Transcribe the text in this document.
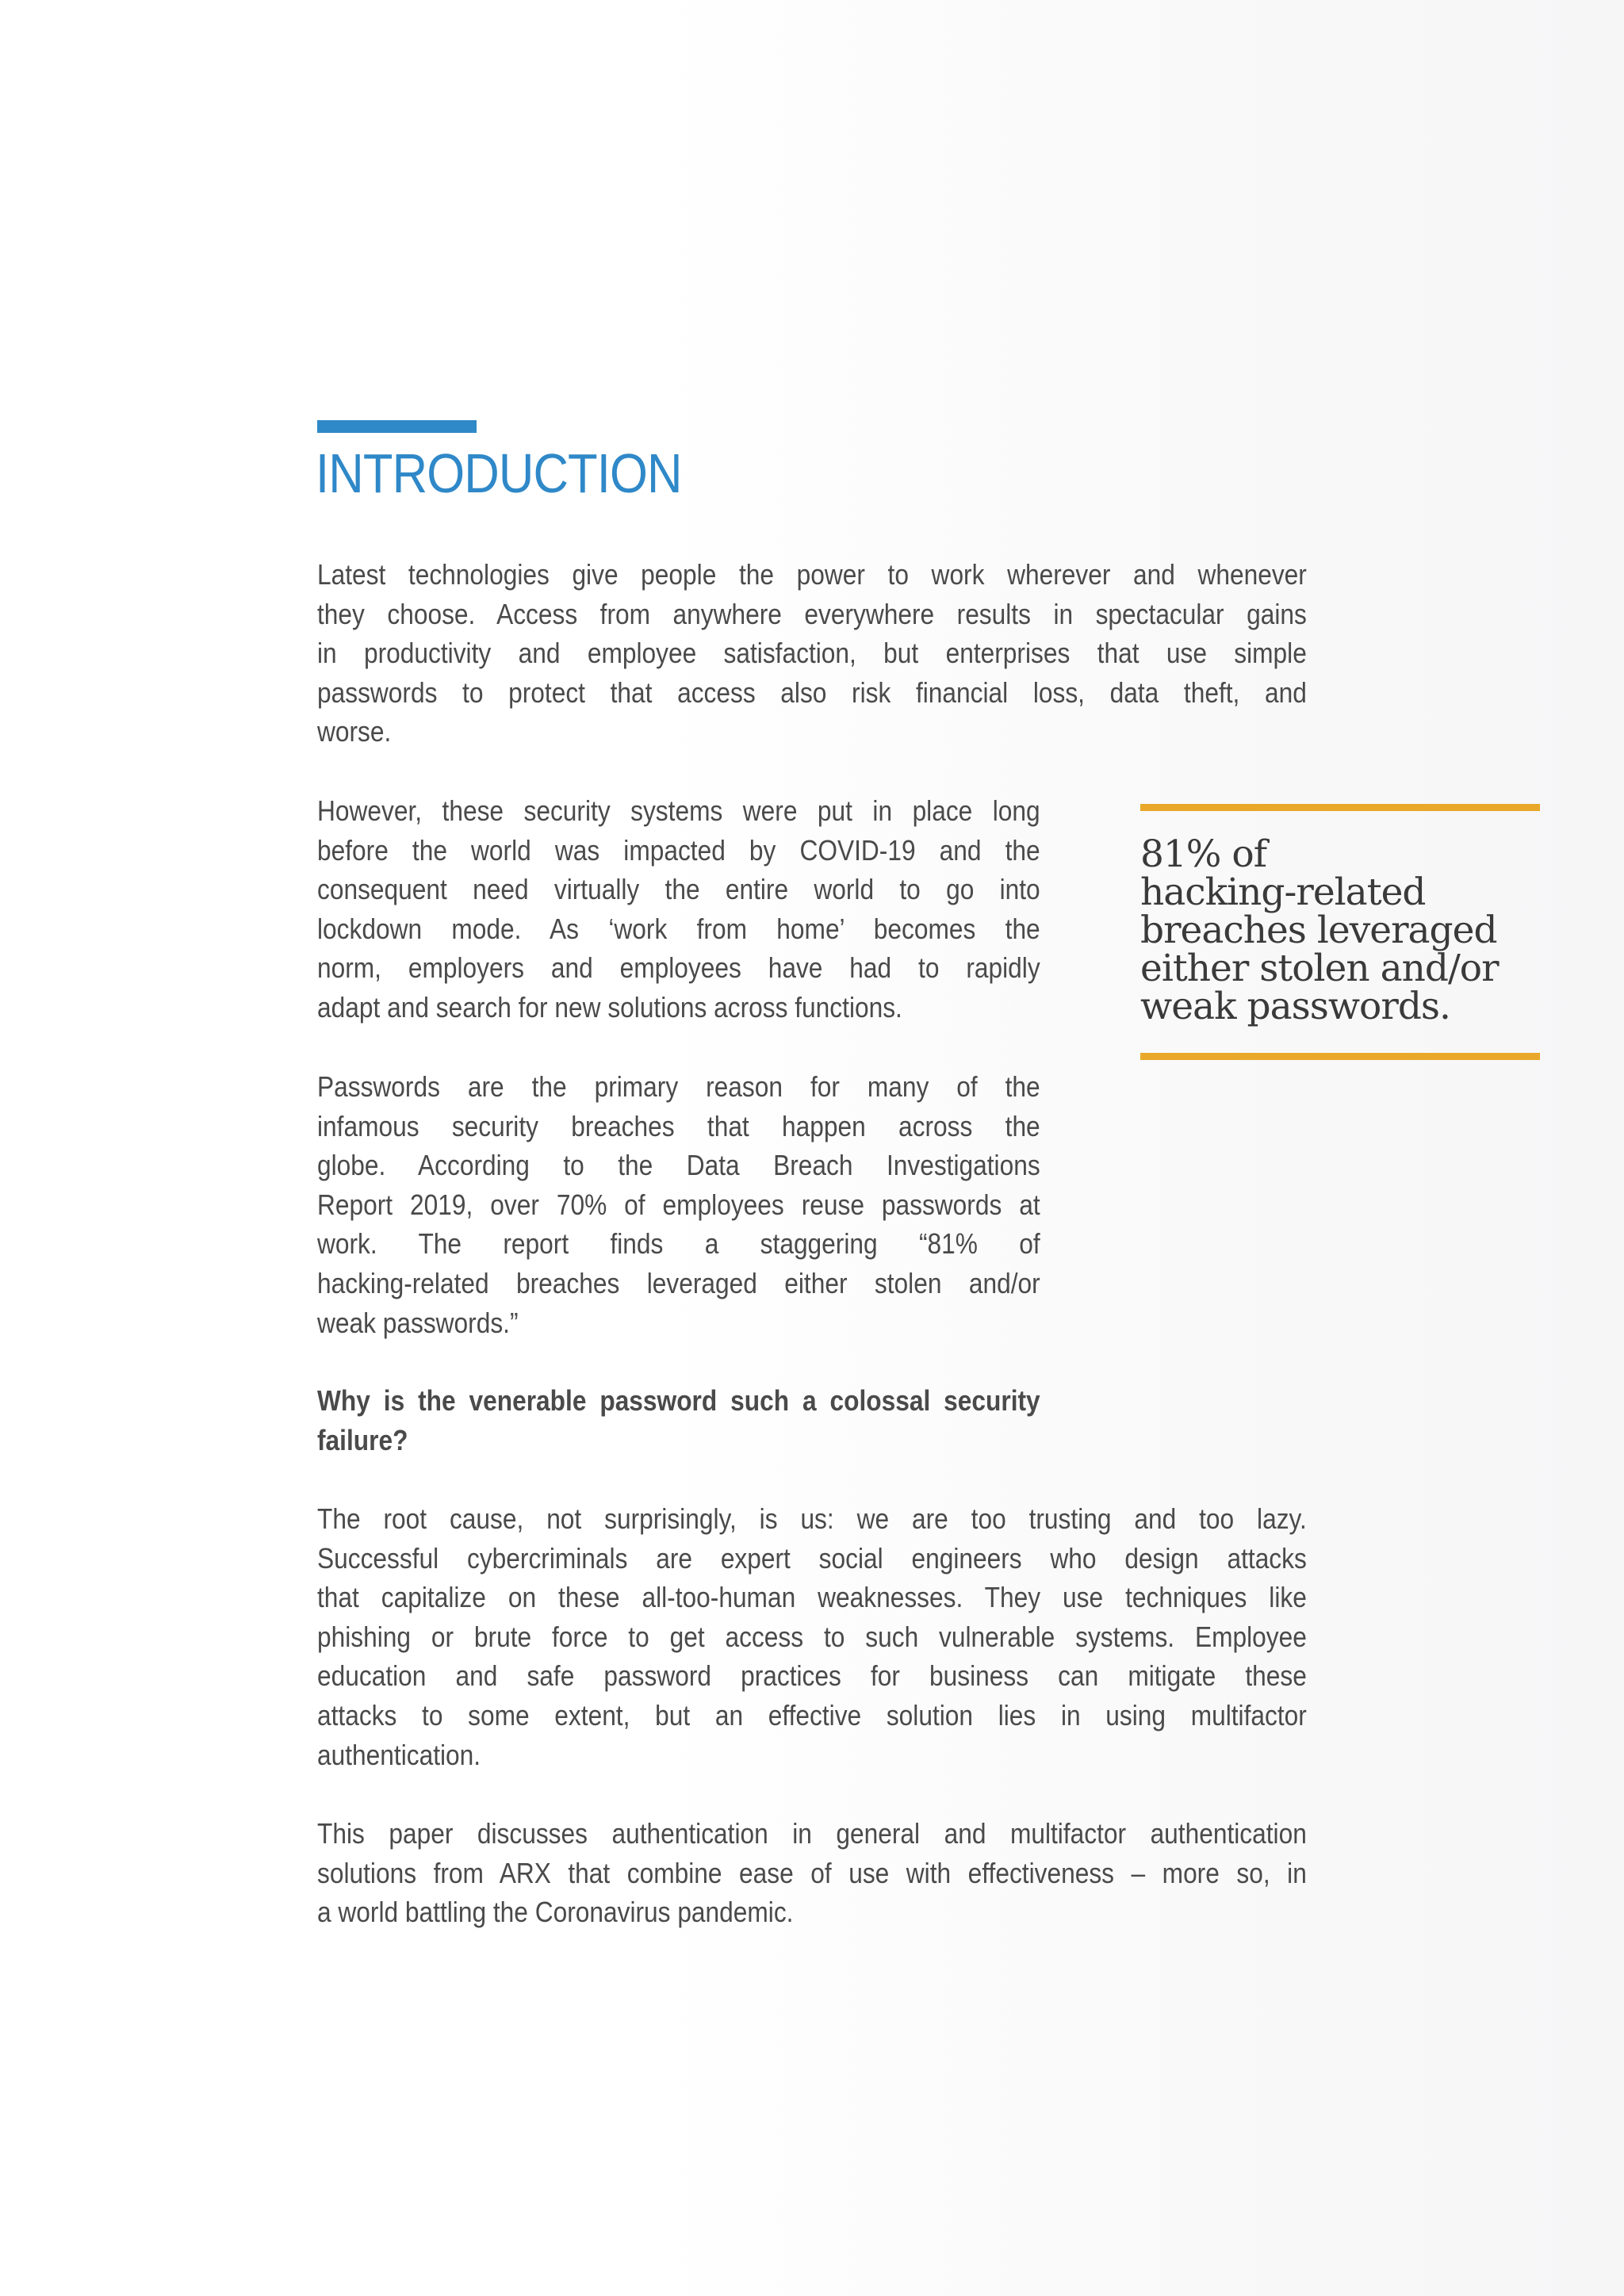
INTRODUCTION
Latest technologies give people the power to work wherever and whenever
they choose. Access from anywhere everywhere results in spectacular gains
in productivity and employee satisfaction, but enterprises that use simple
passwords to protect that access also risk financial loss, data theft, and
worse.
However, these security systems were put in place long
before the world was impacted by COVID-19 and the
consequent need virtually the entire world to go into
lockdown mode. As ‘work from home’ becomes the
norm, employers and employees have had to rapidly
adapt and search for new solutions across functions.
81% of
hacking-related
breaches leveraged
either stolen and/or
weak passwords.
Passwords are the primary reason for many of the
infamous security breaches that happen across the
globe. According to the Data Breach Investigations
Report 2019, over 70% of employees reuse passwords at
work. The report finds a staggering “81% of
hacking-related breaches leveraged either stolen and/or
weak passwords.”
Why is the venerable password such a colossal security
failure?
The root cause, not surprisingly, is us: we are too trusting and too lazy.
Successful cybercriminals are expert social engineers who design attacks
that capitalize on these all-too-human weaknesses. They use techniques like
phishing or brute force to get access to such vulnerable systems. Employee
education and safe password practices for business can mitigate these
attacks to some extent, but an effective solution lies in using multifactor
authentication.
This paper discusses authentication in general and multifactor authentication
solutions from ARX that combine ease of use with effectiveness – more so, in
a world battling the Coronavirus pandemic.
